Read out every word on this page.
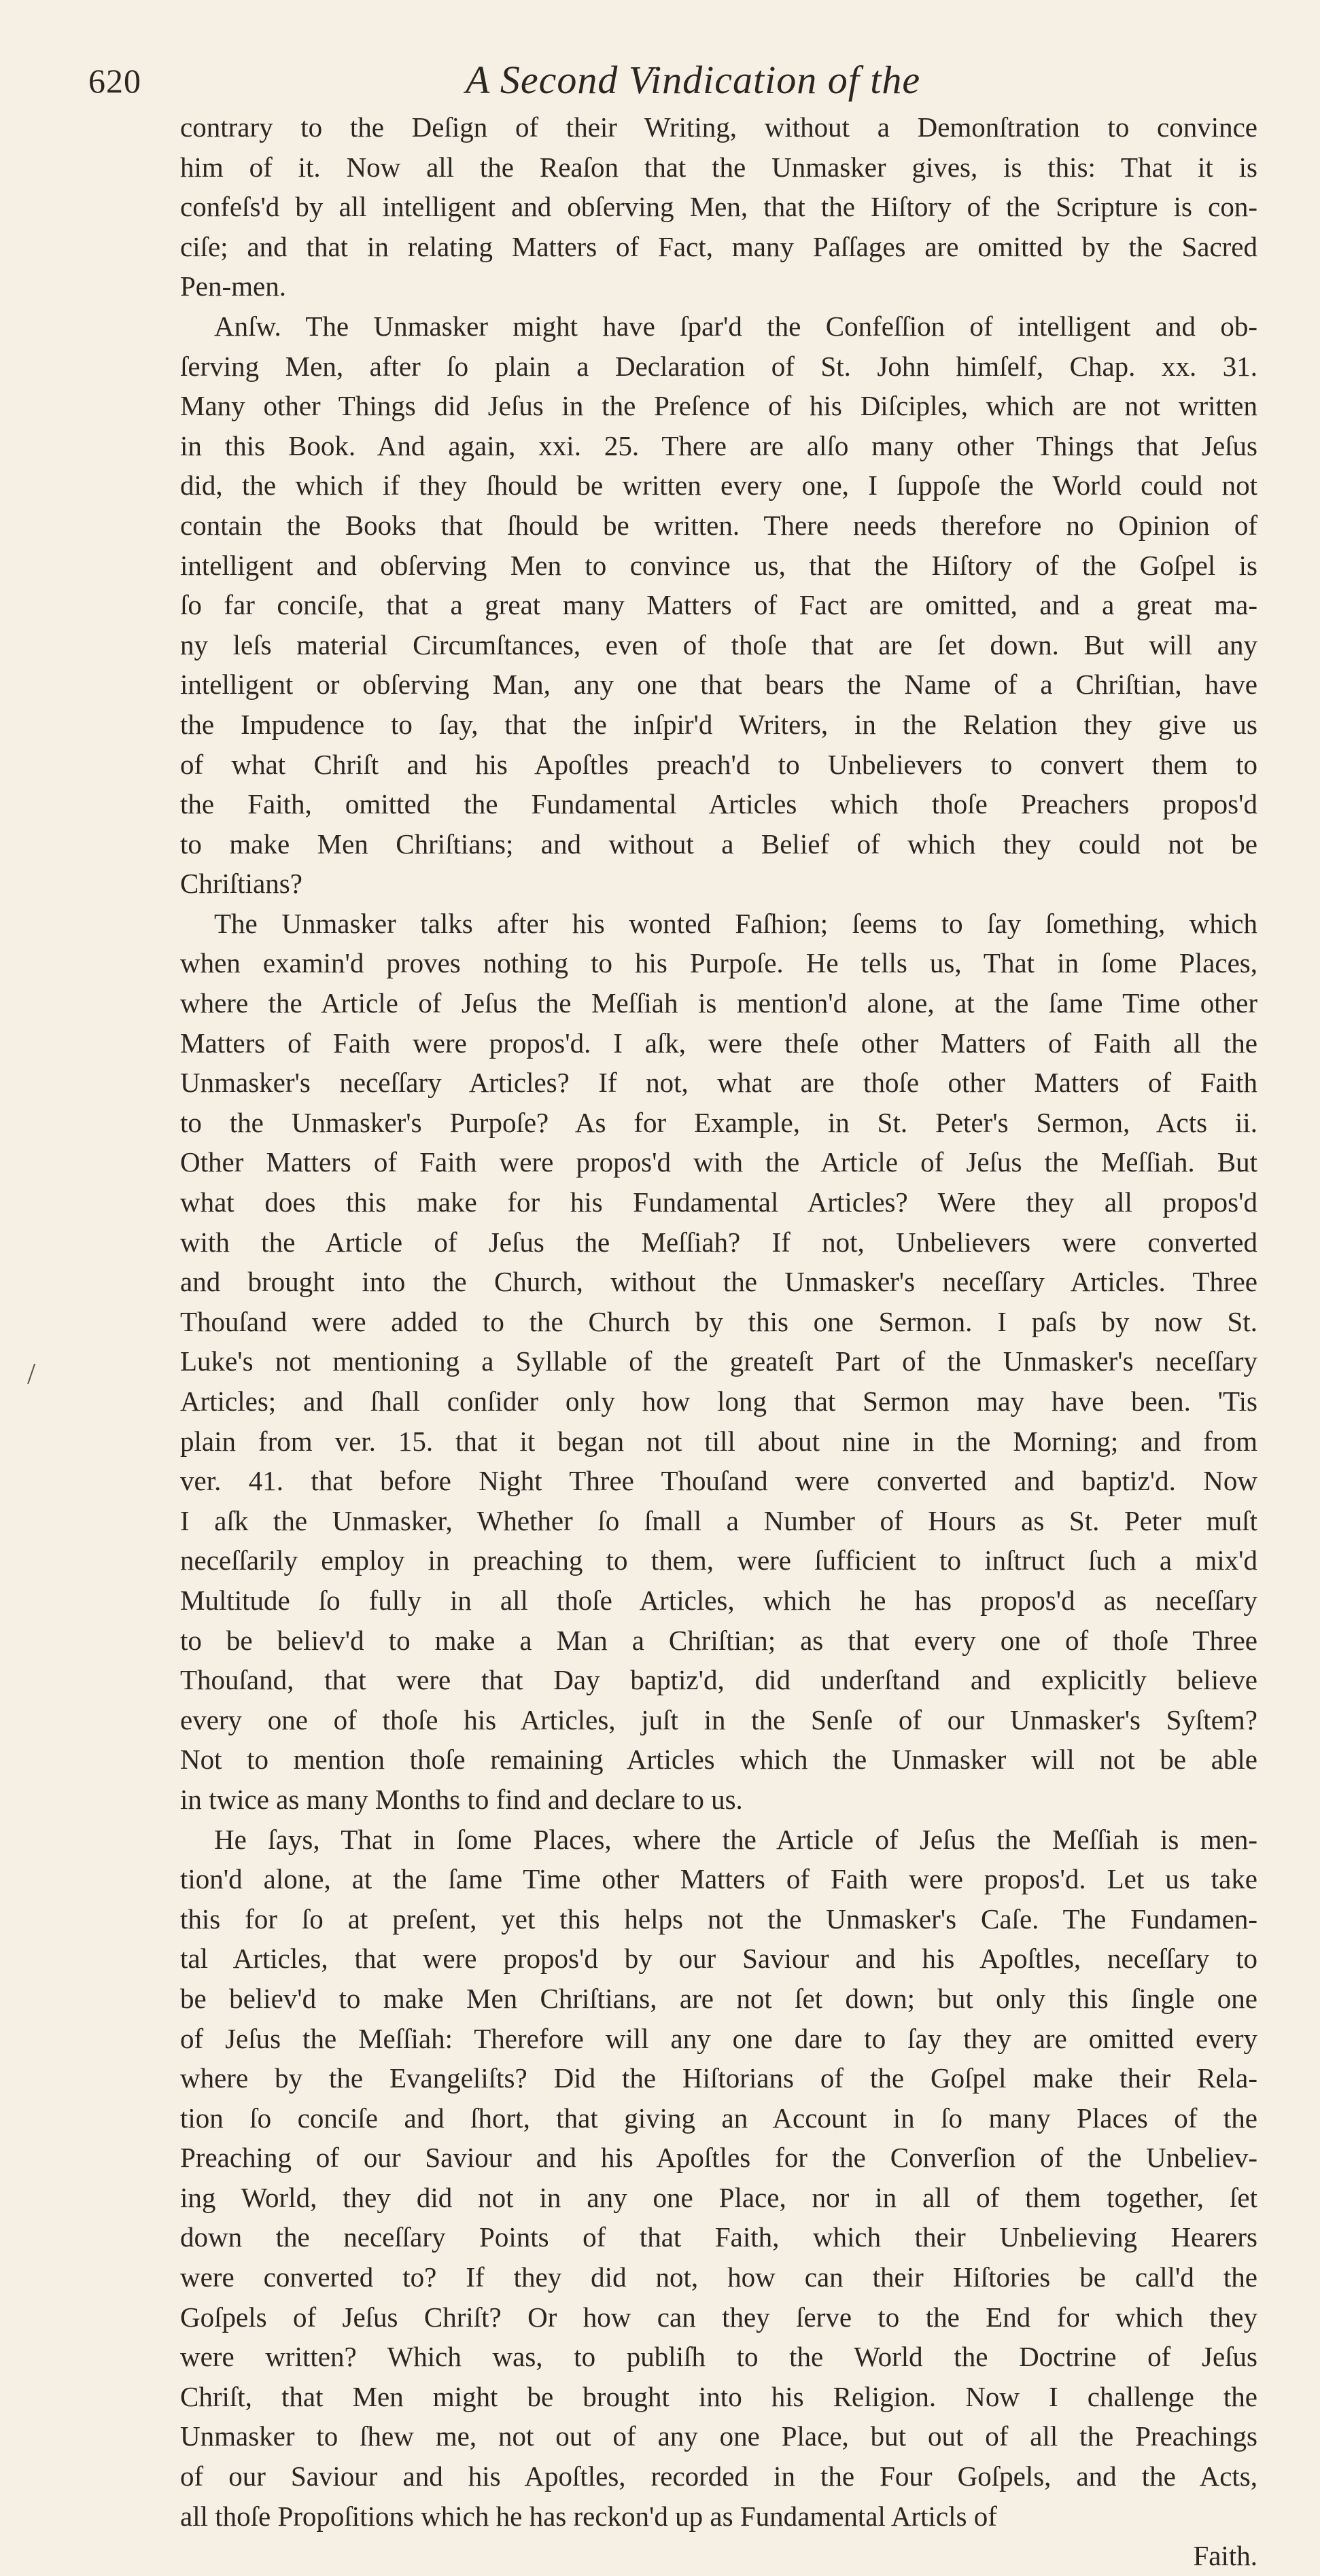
620	A Second Vindication of the
/
contrary to the Deſign of their Writing, without a Demonſtration to convince
him of it. Now all the Reaſon that the Unmasker gives, is this: That it is
confeſs'd by all intelligent and obſerving Men, that the Hiſtory of the Scripture is con-
ciſe; and that in relating Matters of Fact, many Paſſages are omitted by the Sacred
Pen-men.
Anſw. The Unmasker might have ſpar'd the Confeſſion of intelligent and ob-
ſerving Men, after ſo plain a Declaration of St. John himſelf, Chap. xx. 31.
Many other Things did Jeſus in the Preſence of his Diſciples, which are not written
in this Book. And again, xxi. 25. There are alſo many other Things that Jeſus
did, the which if they ſhould be written every one, I ſuppoſe the World could not
contain the Books that ſhould be written. There needs therefore no Opinion of
intelligent and obſerving Men to convince us, that the Hiſtory of the Goſpel is
ſo far conciſe, that a great many Matters of Fact are omitted, and a great ma-
ny leſs material Circumſtances, even of thoſe that are ſet down. But will any
intelligent or obſerving Man, any one that bears the Name of a Chriſtian, have
the Impudence to ſay, that the inſpir'd Writers, in the Relation they give us
of what Chriſt and his Apoſtles preach'd to Unbelievers to convert them to
the Faith, omitted the Fundamental Articles which thoſe Preachers propos'd
to make Men Chriſtians; and without a Belief of which they could not be
Chriſtians?
The Unmasker talks after his wonted Faſhion; ſeems to ſay ſomething, which
when examin'd proves nothing to his Purpoſe. He tells us, That in ſome Places,
where the Article of Jeſus the Meſſiah is mention'd alone, at the ſame Time other
Matters of Faith were propos'd. I aſk, were theſe other Matters of Faith all the
Unmasker's neceſſary Articles? If not, what are thoſe other Matters of Faith
to the Unmasker's Purpoſe? As for Example, in St. Peter's Sermon, Acts ii.
Other Matters of Faith were propos'd with the Article of Jeſus the Meſſiah. But
what does this make for his Fundamental Articles? Were they all propos'd
with the Article of Jeſus the Meſſiah? If not, Unbelievers were converted
and brought into the Church, without the Unmasker's neceſſary Articles. Three
Thouſand were added to the Church by this one Sermon. I paſs by now St.
Luke's not mentioning a Syllable of the greateſt Part of the Unmasker's neceſſary
Articles; and ſhall conſider only how long that Sermon may have been. 'Tis
plain from ver. 15. that it began not till about nine in the Morning; and from
ver. 41. that before Night Three Thouſand were converted and baptiz'd. Now
I aſk the Unmasker, Whether ſo ſmall a Number of Hours as St. Peter muſt
neceſſarily employ in preaching to them, were ſufficient to inſtruct ſuch a mix'd
Multitude ſo fully in all thoſe Articles, which he has propos'd as neceſſary
to be believ'd to make a Man a Chriſtian; as that every one of thoſe Three
Thouſand, that were that Day baptiz'd, did underſtand and explicitly believe
every one of thoſe his Articles, juſt in the Senſe of our Unmasker's Syſtem?
Not to mention thoſe remaining Articles which the Unmasker will not be able
in twice as many Months to find and declare to us.
He ſays, That in ſome Places, where the Article of Jeſus the Meſſiah is men-
tion'd alone, at the ſame Time other Matters of Faith were propos'd. Let us take
this for ſo at preſent, yet this helps not the Unmasker's Caſe. The Fundamen-
tal Articles, that were propos'd by our Saviour and his Apoſtles, neceſſary to
be believ'd to make Men Chriſtians, are not ſet down; but only this ſingle one
of Jeſus the Meſſiah: Therefore will any one dare to ſay they are omitted every
where by the Evangeliſts? Did the Hiſtorians of the Goſpel make their Rela-
tion ſo conciſe and ſhort, that giving an Account in ſo many Places of the
Preaching of our Saviour and his Apoſtles for the Converſion of the Unbeliev-
ing World, they did not in any one Place, nor in all of them together, ſet
down the neceſſary Points of that Faith, which their Unbelieving Hearers
were converted to? If they did not, how can their Hiſtories be call'd the
Goſpels of Jeſus Chriſt? Or how can they ſerve to the End for which they
were written? Which was, to publiſh to the World the Doctrine of Jeſus
Chriſt, that Men might be brought into his Religion. Now I challenge the
Unmasker to ſhew me, not out of any one Place, but out of all the Preachings
of our Saviour and his Apoſtles, recorded in the Four Goſpels, and the Acts,
all thoſe Propoſitions which he has reckon'd up as Fundamental Articls of
Faith.
